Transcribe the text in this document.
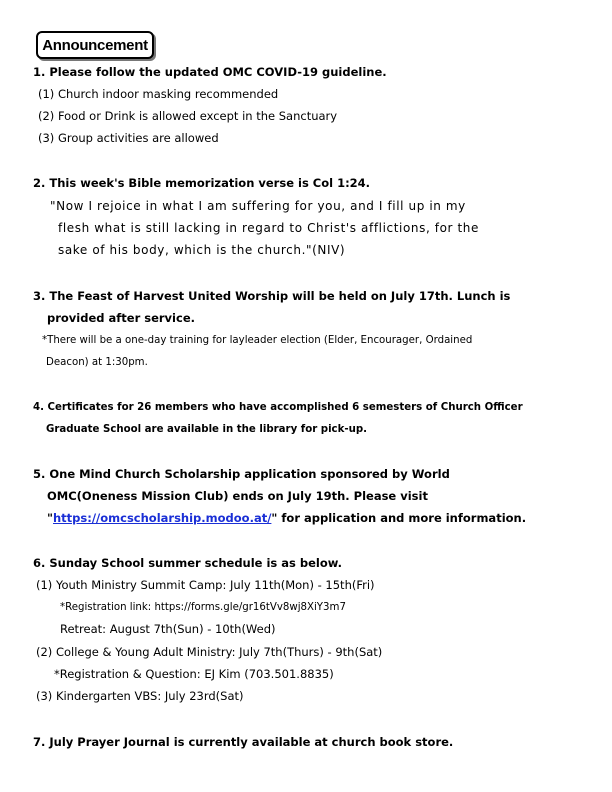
Announcement
1. Please follow the updated OMC COVID-19 guideline.
(1) Church indoor masking recommended
(2) Food or Drink is allowed except in the Sanctuary
(3) Group activities are allowed
2. This week's Bible memorization verse is Col 1:24.
"Now I rejoice in what I am suffering for you, and I fill up in my
flesh what is still lacking in regard to Christ's afflictions, for the
sake of his body, which is the church."(NIV)
3. The Feast of Harvest United Worship will be held on July 17th. Lunch is
provided after service.
*There will be a one-day training for layleader election (Elder, Encourager, Ordained
Deacon) at 1:30pm.
4. Certificates for 26 members who have accomplished 6 semesters of Church Officer
Graduate School are available in the library for pick-up.
5. One Mind Church Scholarship application sponsored by World
OMC(Oneness Mission Club) ends on July 19th. Please visit
"https://omcscholarship.modoo.at/" for application and more information.
6. Sunday School summer schedule is as below.
(1) Youth Ministry Summit Camp: July 11th(Mon) - 15th(Fri)
*Registration link: https://forms.gle/gr16tVv8wj8XiY3m7
Retreat: August 7th(Sun) - 10th(Wed)
(2) College & Young Adult Ministry: July 7th(Thurs) - 9th(Sat)
*Registration & Question: EJ Kim (703.501.8835)
(3) Kindergarten VBS: July 23rd(Sat)
7. July Prayer Journal is currently available at church book store.
